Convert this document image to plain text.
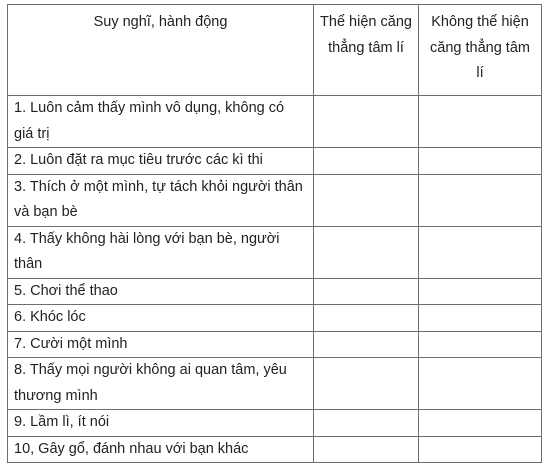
Suy nghĩ, hành động	Thể hiện căng thẳng tâm lí	Không thể hiện căng thẳng tâm lí
1. Luôn cảm thấy mình vô dụng, không có giá trị		
2. Luôn đặt ra mục tiêu trước các kì thi		
3. Thích ở một mình, tự tách khỏi người thân và bạn bè		
4. Thấy không hài lòng với bạn bè, người thân		
5. Chơi thể thao		
6. Khóc lóc		
7. Cười một mình		
8. Thấy mọi người không ai quan tâm, yêu thương mình		
9. Lầm lì, ít nói		
10, Gây gổ, đánh nhau với bạn khác		
